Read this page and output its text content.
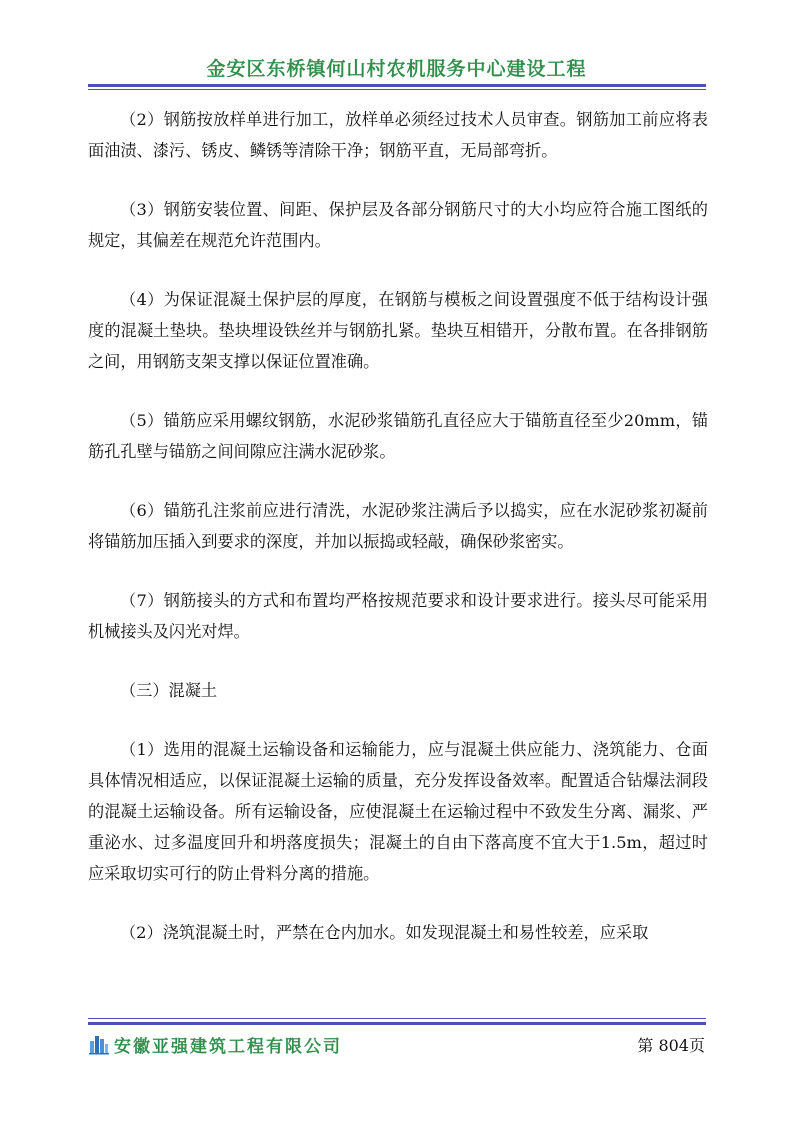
金安区东桥镇何山村农机服务中心建设工程

（2）钢筋按放样单进行加工，放样单必须经过技术人员审查。钢筋加工前应将表面油渍、漆污、锈皮、鳞锈等清除干净；钢筋平直，无局部弯折。

（3）钢筋安装位置、间距、保护层及各部分钢筋尺寸的大小均应符合施工图纸的规定，其偏差在规范允许范围内。

（4）为保证混凝土保护层的厚度，在钢筋与模板之间设置强度不低于结构设计强度的混凝土垫块。垫块埋设铁丝并与钢筋扎紧。垫块互相错开，分散布置。在各排钢筋之间，用钢筋支架支撑以保证位置准确。

（5）锚筋应采用螺纹钢筋，水泥砂浆锚筋孔直径应大于锚筋直径至少20mm，锚筋孔孔壁与锚筋之间间隙应注满水泥砂浆。

（6）锚筋孔注浆前应进行清洗，水泥砂浆注满后予以捣实，应在水泥砂浆初凝前将锚筋加压插入到要求的深度，并加以振捣或轻敲，确保砂浆密实。

（7）钢筋接头的方式和布置均严格按规范要求和设计要求进行。接头尽可能采用机械接头及闪光对焊。

（三）混凝土

（1）选用的混凝土运输设备和运输能力，应与混凝土供应能力、浇筑能力、仓面具体情况相适应，以保证混凝土运输的质量，充分发挥设备效率。配置适合钻爆法洞段的混凝土运输设备。所有运输设备，应使混凝土在运输过程中不致发生分离、漏浆、严重泌水、过多温度回升和坍落度损失；混凝土的自由下落高度不宜大于1.5m，超过时应采取切实可行的防止骨料分离的措施。

（2）浇筑混凝土时，严禁在仓内加水。如发现混凝土和易性较差，应采取

安徽亚强建筑工程有限公司	第 804页
